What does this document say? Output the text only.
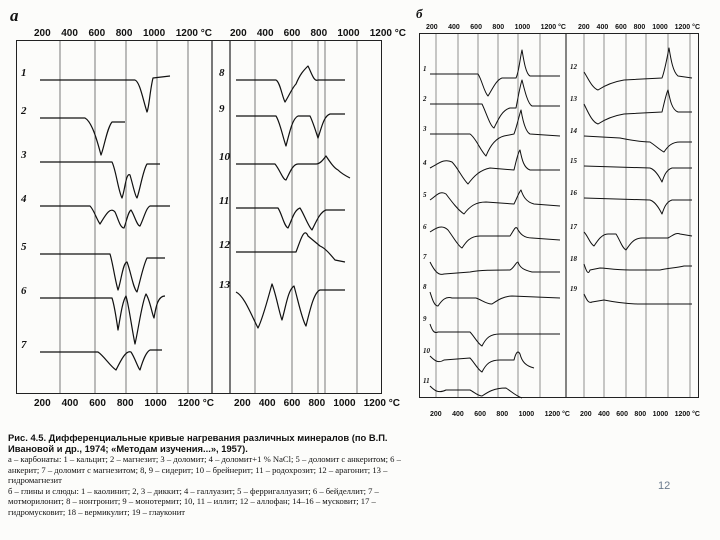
a	б
200 400 600 800 1000 1200 °C 200 400 600 800 1000 1200 °C
200 400 600 800 1000 1200 °C 200 400 600 800 1000 1200 °C
200 400 600 800 1000 1200 °C 200 400 600 800 1000 1200 °C
200 400 600 800 1000 1200 °C 200 400 600 800 1000 1200 °C
1
2
3
4
5
6
7
8
9
10
11
12
13
1
2
3
4
5
6
7
8
9
10
11
12
13
14
15
16
17
18
19
Рис. 4.5. Дифференциальные кривые нагревания различных минералов (по В.П. Ивановой и др., 1974; «Методам изучения...», 1957).
а – карбонаты: 1 – кальцит; 2 – магнезит; 3 – доломит; 4 – доломит+1 % NaCl; 5 – доломит с анкеритом; 6 – анкерит; 7 – доломит с магнезитом; 8, 9 – сидерит; 10 – брейнерит; 11 – родохрозит; 12 – арагонит; 13 – гидромагнезит
б – глины и слюды: 1 – каолинит; 2, 3 – диккит; 4 – галлуазит; 5 – ферригаллуазит; 6 – бейделлит; 7 – мотморилонит; 8 – нонтронит; 9 – монотермит; 10, 11 – иллит; 12 – аллофан; 14–16 – мусковит; 17 – гидромусковит; 18 – вермикулит; 19 – глауконит
12
